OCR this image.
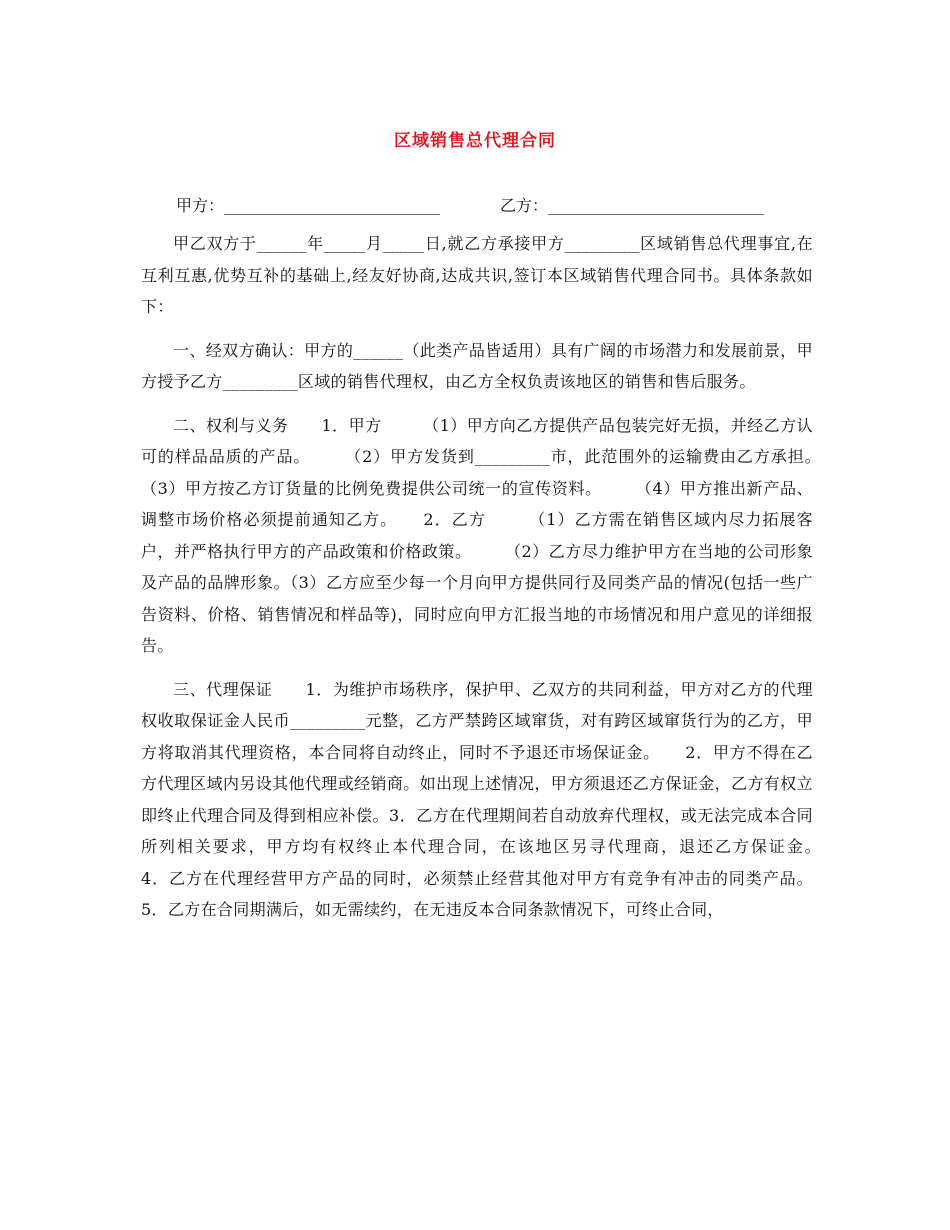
区域销售总代理合同
甲方：___________________________	乙方：___________________________

甲乙双方于______年_____月_____日,就乙方承接甲方_________区域销售总代理事宜,在互利互惠,优势互补的基础上,经友好协商,达成共识,签订本区域销售代理合同书。具体条款如下：

一、经双方确认：甲方的______（此类产品皆适用）具有广阔的市场潜力和发展前景，甲方授予乙方_________区域的销售代理权，由乙方全权负责该地区的销售和售后服务。

二、权利与义务　　1．甲方　　　（1）甲方向乙方提供产品包装完好无损，并经乙方认可的样品品质的产品。　　　（2）甲方发货到_________市，此范围外的运输费由乙方承担。　　　（3）甲方按乙方订货量的比例免费提供公司统一的宣传资料。　　　（4）甲方推出新产品、调整市场价格必须提前通知乙方。　　2．乙方　　　（1）乙方需在销售区域内尽力拓展客户，并严格执行甲方的产品政策和价格政策。　　　（2）乙方尽力维护甲方在当地的公司形象及产品的品牌形象。（3）乙方应至少每一个月向甲方提供同行及同类产品的情况(包括一些广告资料、价格、销售情况和样品等)，同时应向甲方汇报当地的市场情况和用户意见的详细报告。

三、代理保证　　1．为维护市场秩序，保护甲、乙双方的共同利益，甲方对乙方的代理权收取保证金人民币_________元整，乙方严禁跨区域窜货，对有跨区域窜货行为的乙方，甲方将取消其代理资格，本合同将自动终止，同时不予退还市场保证金。　　2．甲方不得在乙方代理区域内另设其他代理或经销商。如出现上述情况，甲方须退还乙方保证金，乙方有权立即终止代理合同及得到相应补偿。3．乙方在代理期间若自动放弃代理权，或无法完成本合同所列相关要求，甲方均有权终止本代理合同，在该地区另寻代理商，退还乙方保证金。　　4．乙方在代理经营甲方产品的同时，必须禁止经营其他对甲方有竞争有冲击的同类产品。5．乙方在合同期满后，如无需续约，在无违反本合同条款情况下，可终止合同，
